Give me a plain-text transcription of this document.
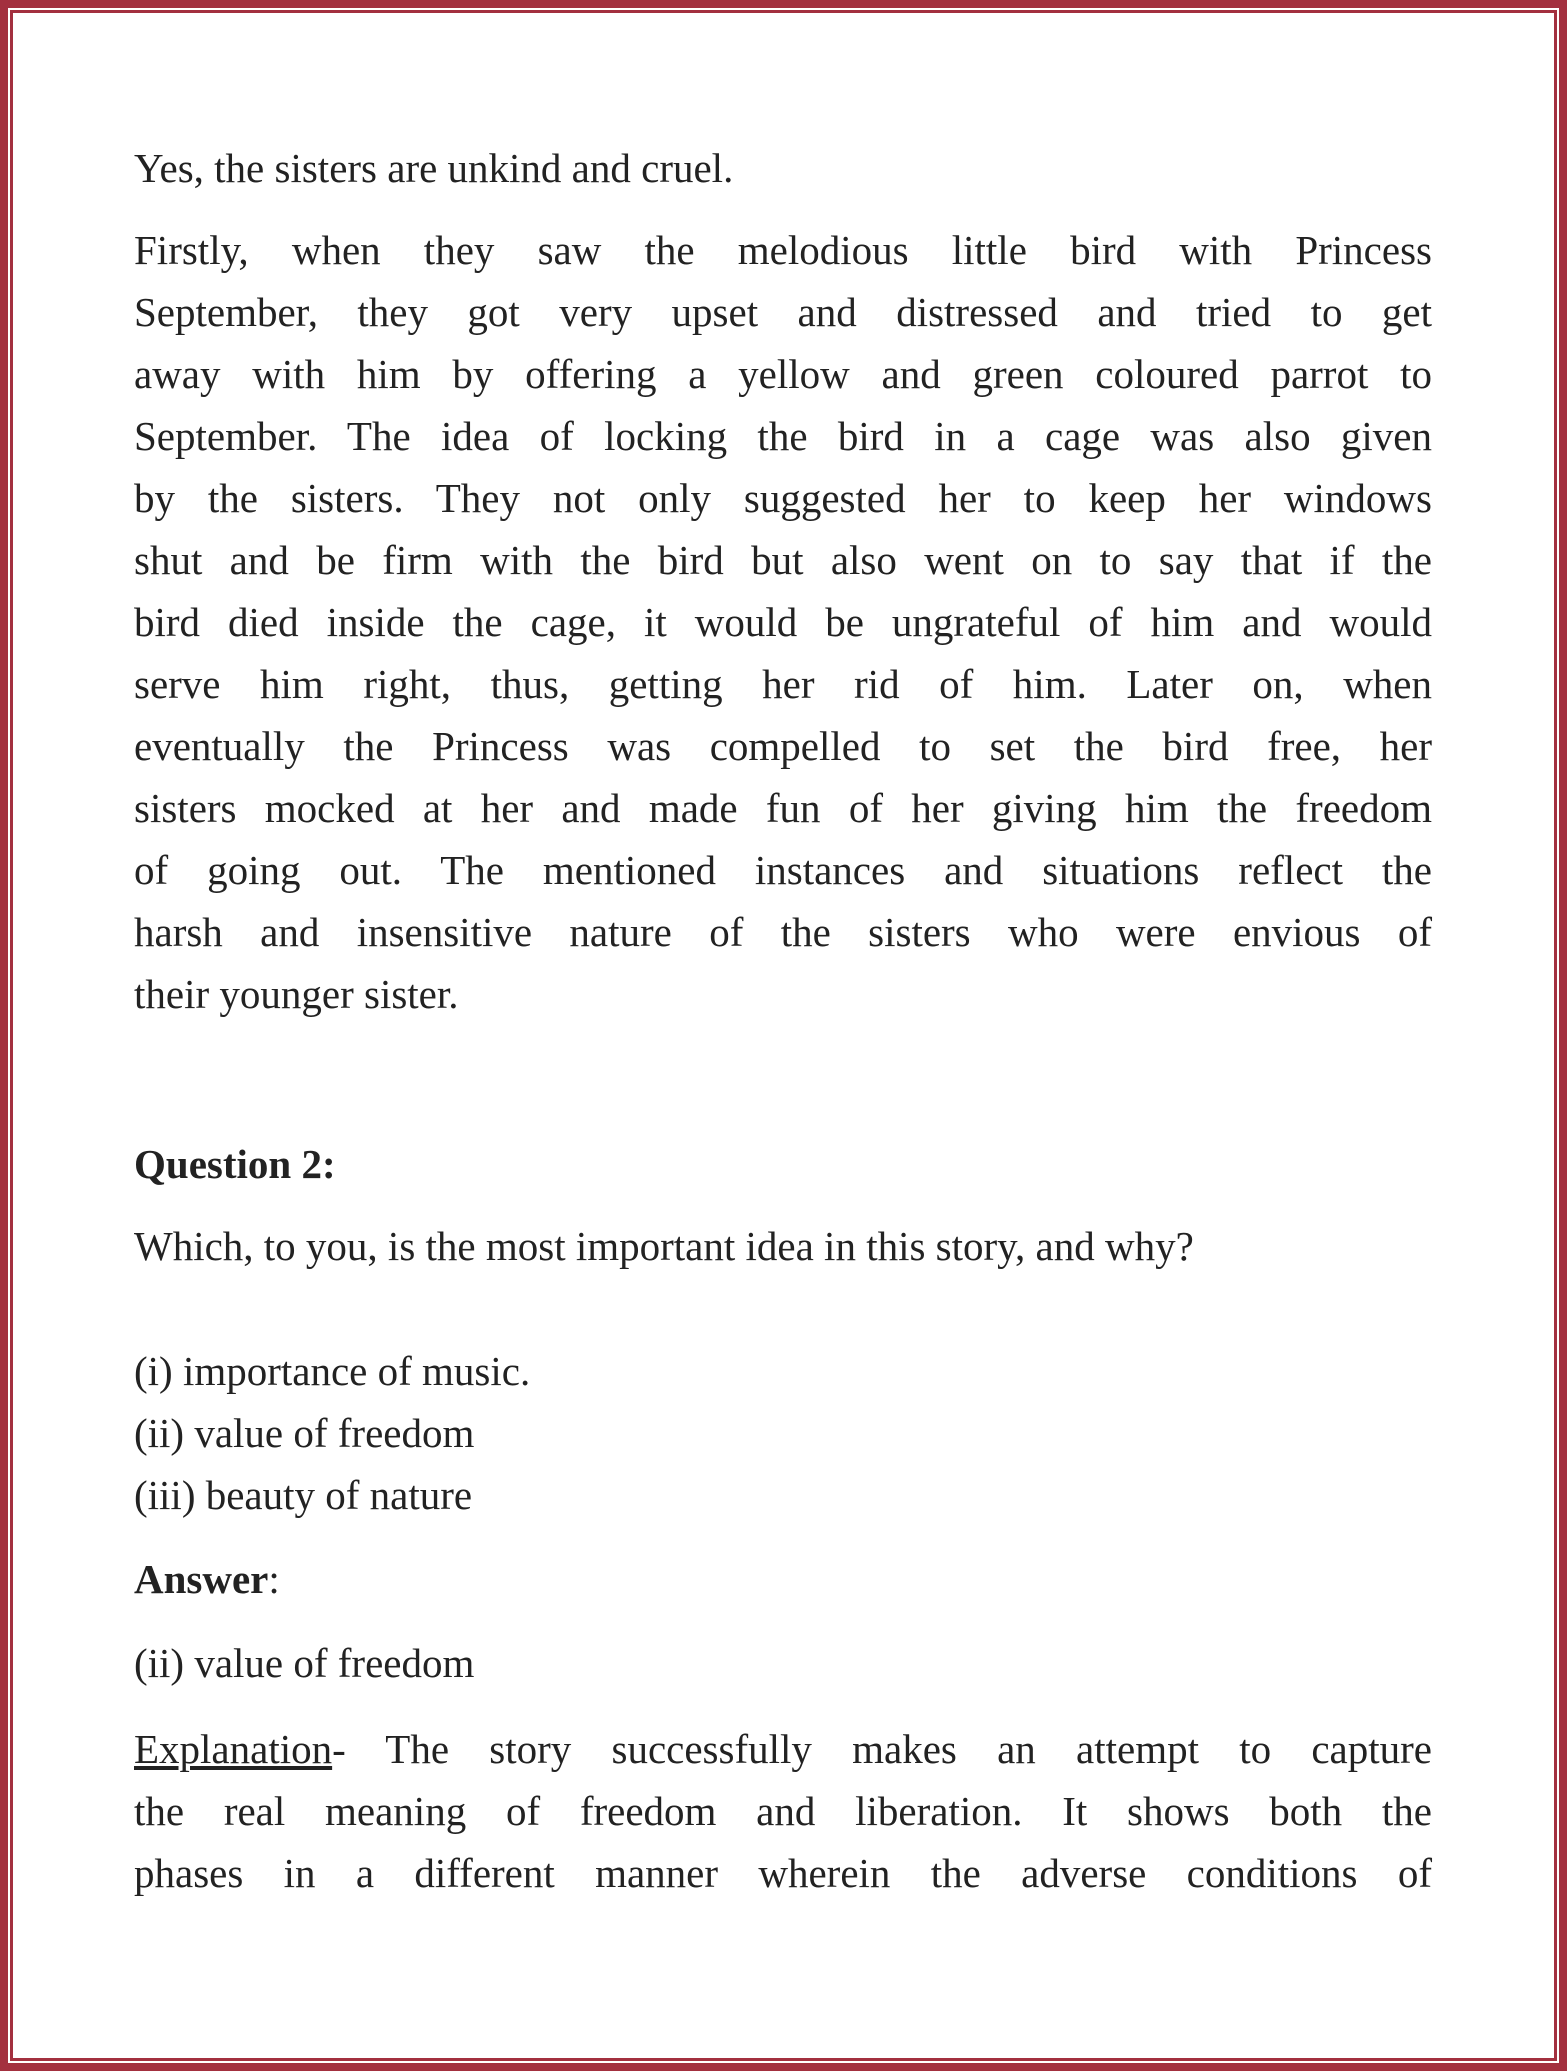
Yes, the sisters are unkind and cruel.
Firstly, when they saw the melodious little bird with Princess
September, they got very upset and distressed and tried to get
away with him by offering a yellow and green coloured parrot to
September. The idea of locking the bird in a cage was also given
by the sisters. They not only suggested her to keep her windows
shut and be firm with the bird but also went on to say that if the
bird died inside the cage, it would be ungrateful of him and would
serve him right, thus, getting her rid of him. Later on, when
eventually the Princess was compelled to set the bird free, her
sisters mocked at her and made fun of her giving him the freedom
of going out. The mentioned instances and situations reflect the
harsh and insensitive nature of the sisters who were envious of
their younger sister.
Question 2:
Which, to you, is the most important idea in this story, and why?
(i) importance of music.
(ii) value of freedom
(iii) beauty of nature
Answer:
(ii) value of freedom
Explanation- The story successfully makes an attempt to capture
the real meaning of freedom and liberation. It shows both the
phases in a different manner wherein the adverse conditions of
